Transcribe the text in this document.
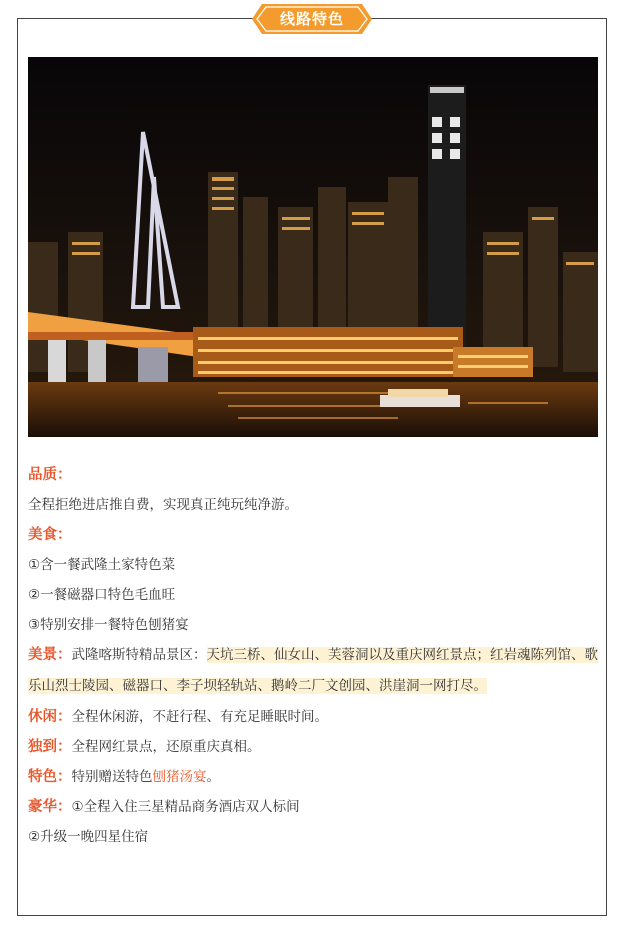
线路特色
品质：
全程拒绝进店推自费，实现真正纯玩纯净游。
美食：
①含一餐武隆土家特色菜
②一餐磁器口特色毛血旺
③特别安排一餐特色刨猪宴
美景：武隆喀斯特精品景区：天坑三桥、仙女山、芙蓉洞以及重庆网红景点；红岩魂陈列馆、歌乐山烈士陵园、磁器口、李子坝轻轨站、鹅岭二厂文创园、洪崖洞一网打尽。
休闲：全程休闲游，不赶行程、有充足睡眠时间。
独到：全程网红景点，还原重庆真相。
特色：特别赠送特色刨猪汤宴。
豪华：①全程入住三星精品商务酒店双人标间
②升级一晚四星住宿
